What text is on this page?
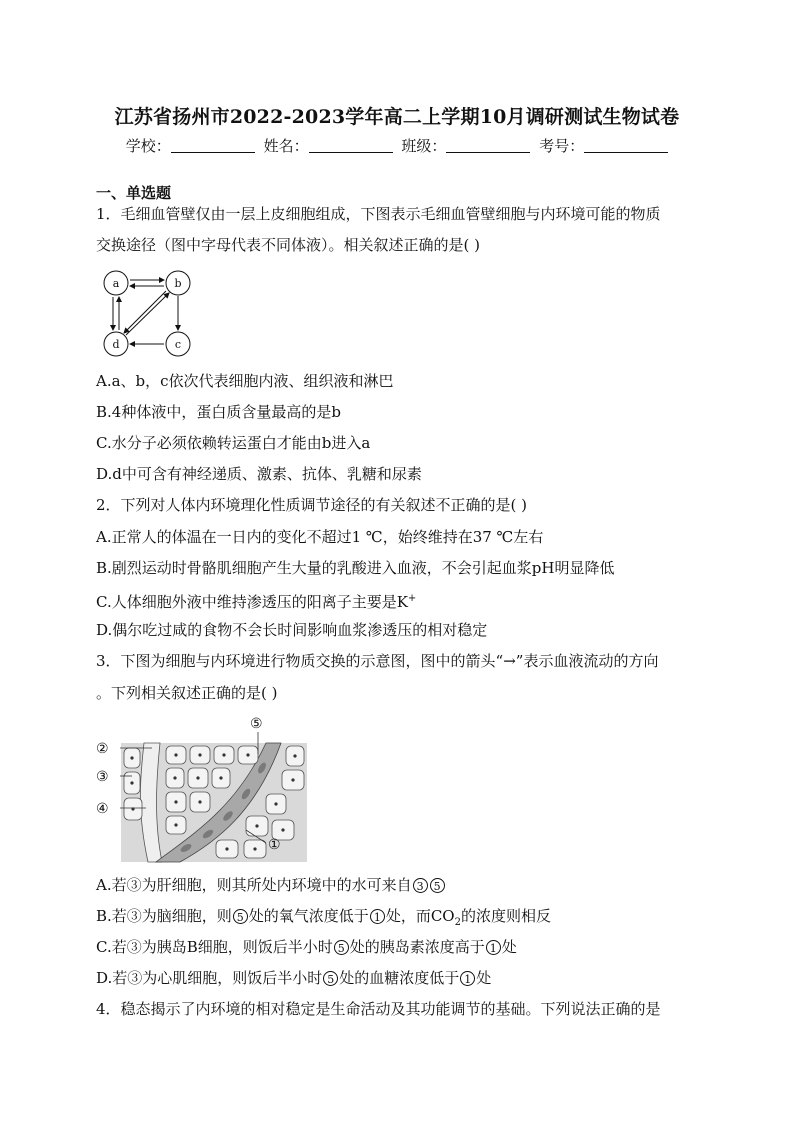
江苏省扬州市2022-2023学年高二上学期10月调研测试生物试卷
学校：	姓名：	班级：	考号：
一、单选题
1．毛细血管壁仅由一层上皮细胞组成，下图表示毛细血管壁细胞与内环境可能的物质
交换途径（图中字母代表不同体液）。相关叙述正确的是( )
a	b
d	c
A.a、b，c依次代表细胞内液、组织液和淋巴
B.4种体液中，蛋白质含量最高的是b
C.水分子必须依赖转运蛋白才能由b进入a
D.d中可含有神经递质、激素、抗体、乳糖和尿素
2．下列对人体内环境理化性质调节途径的有关叙述不正确的是( )
A.正常人的体温在一日内的变化不超过1 ℃，始终维持在37 ℃左右
B.剧烈运动时骨骼肌细胞产生大量的乳酸进入血液，不会引起血浆pH明显降低
C.人体细胞外液中维持渗透压的阳离子主要是K+
D.偶尔吃过咸的食物不会长时间影响血浆渗透压的相对稳定
3．下图为细胞与内环境进行物质交换的示意图，图中的箭头“→”表示血液流动的方向
。下列相关叙述正确的是( )
②
③
④
⑤
①
A.若③为肝细胞，则其所处内环境中的水可来自 3 5
B.若③为脑细胞，则 5 处的氧气浓度低于 1 处，而$CO_2$的浓度则相反
C.若③为胰岛B细胞，则饭后半小时 5 处的胰岛素浓度高于 1 处
D.若③为心肌细胞，则饭后半小时 5 处的血糖浓度低于 1 处
4．稳态揭示了内环境的相对稳定是生命活动及其功能调节的基础。下列说法正确的是
